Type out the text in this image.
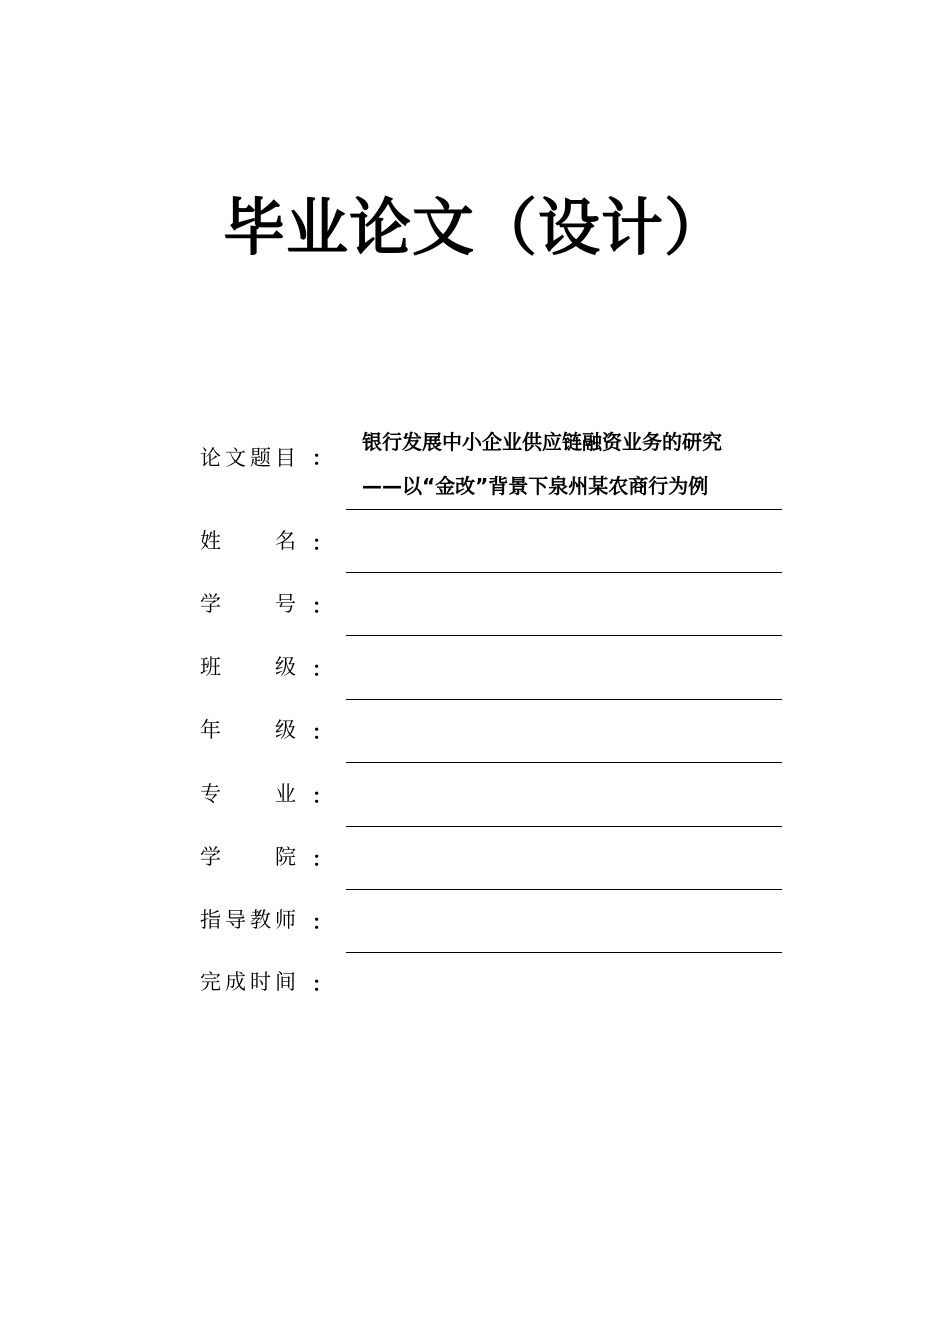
毕业论文（设计）
论文题目 ：
银行发展中小企业供应链融资业务的研究
——以“金改”背景下泉州某农商行为例
姓名 ：
学号 ：
班级 ：
年级 ：
专业 ：
学院 ：
指导教师 ：
完成时间 ：
